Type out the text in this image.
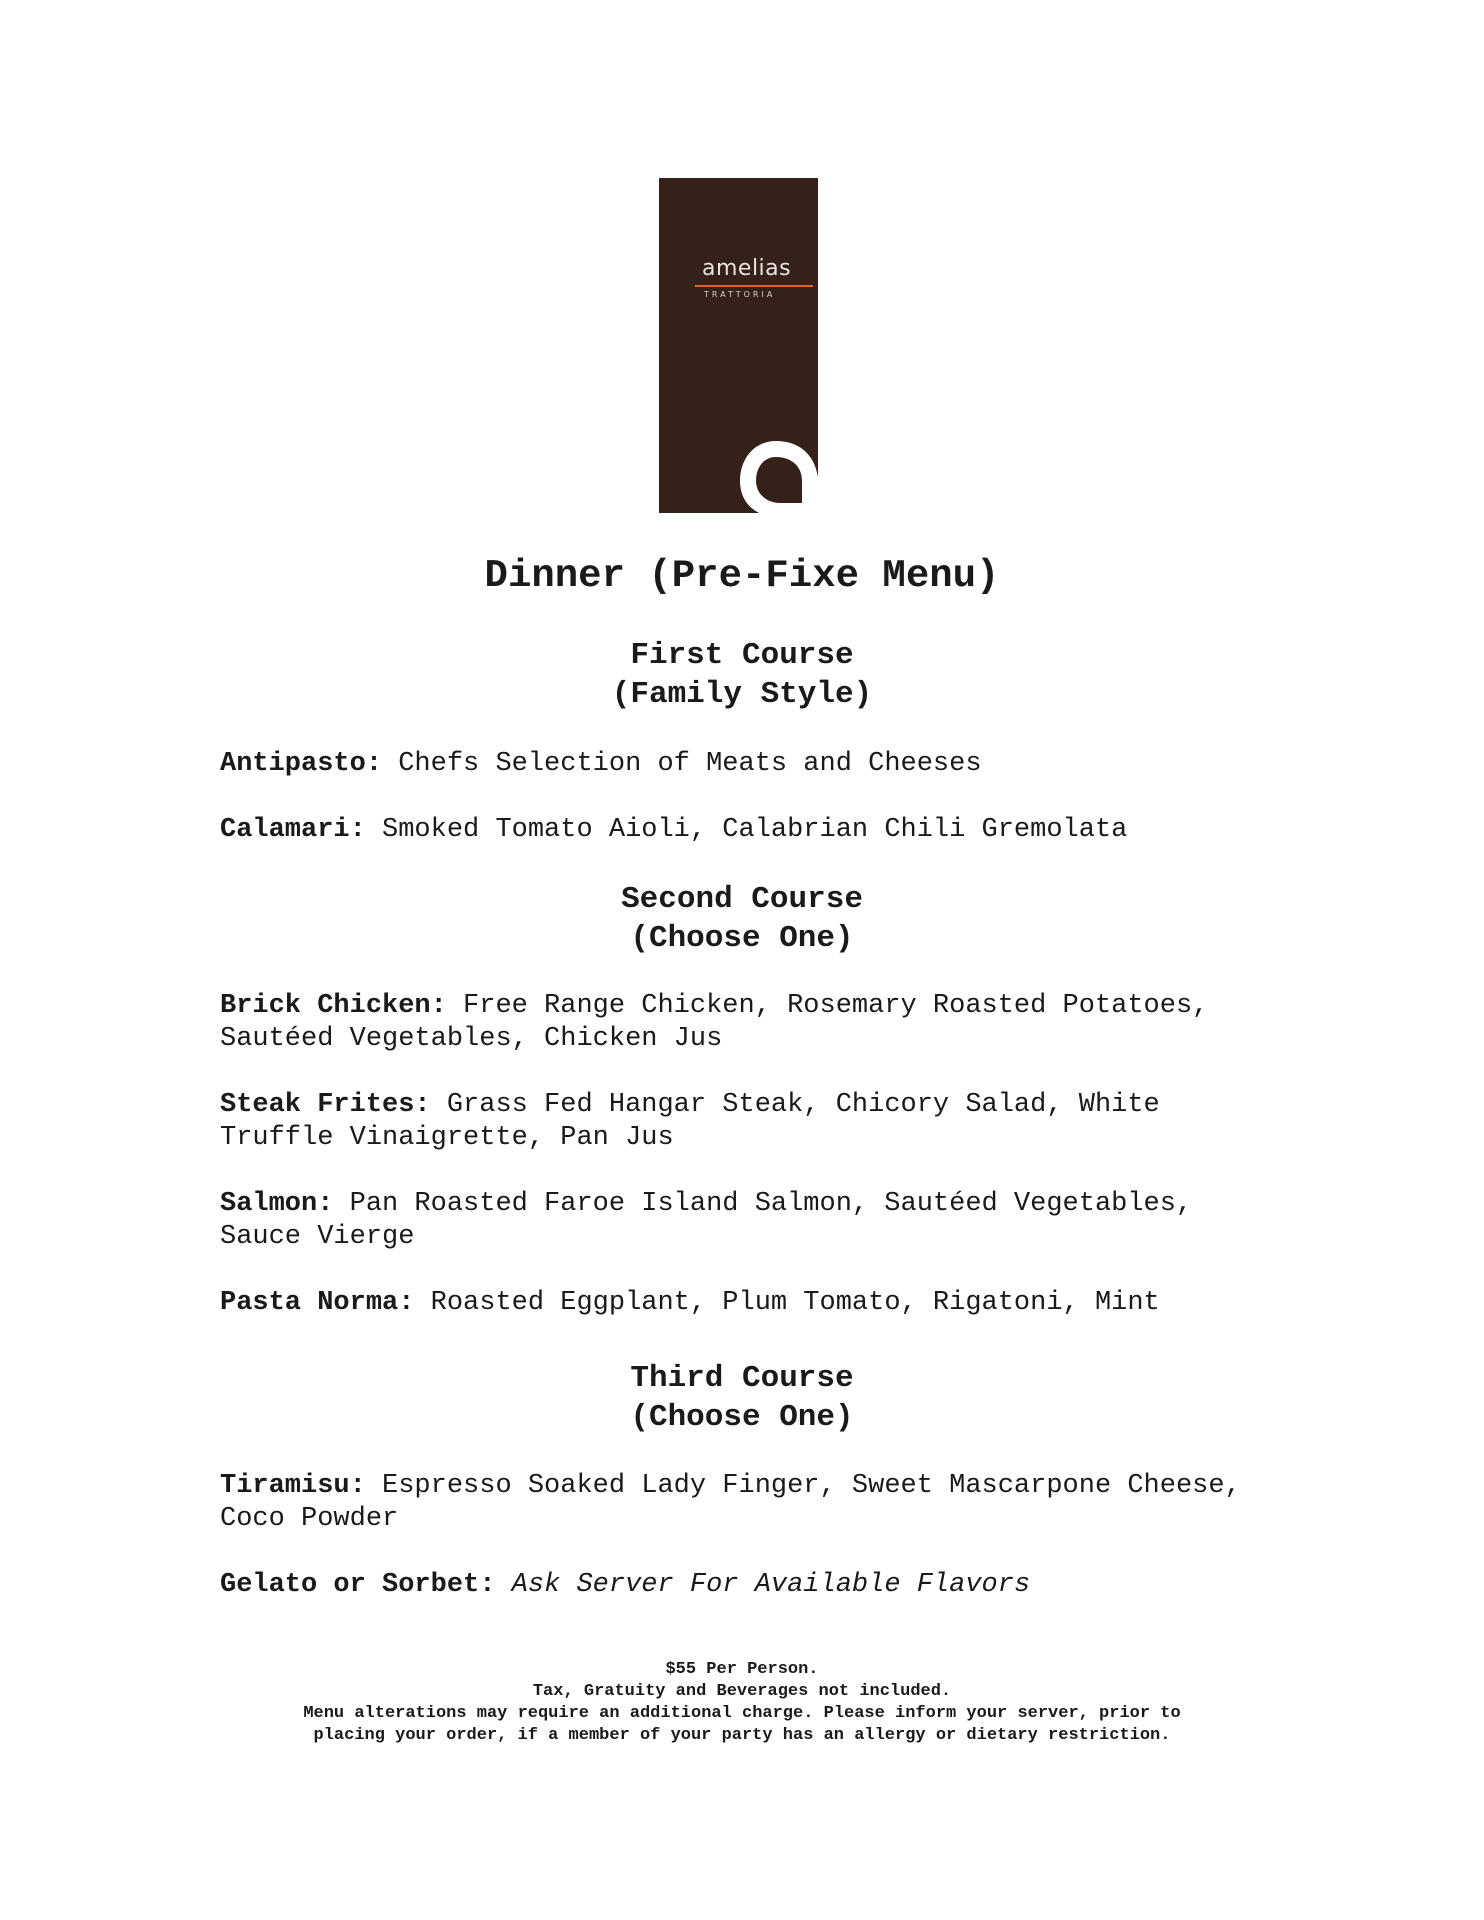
amelias
TRATTORIA
Dinner (Pre-Fixe Menu)
First Course
(Family Style)
Antipasto: Chefs Selection of Meats and Cheeses
Calamari: Smoked Tomato Aioli, Calabrian Chili Gremolata
Second Course
(Choose One)
Brick Chicken: Free Range Chicken, Rosemary Roasted Potatoes, Sautéed Vegetables, Chicken Jus
Steak Frites: Grass Fed Hangar Steak, Chicory Salad, White Truffle Vinaigrette, Pan Jus
Salmon: Pan Roasted Faroe Island Salmon, Sautéed Vegetables, Sauce Vierge
Pasta Norma: Roasted Eggplant, Plum Tomato, Rigatoni, Mint
Third Course
(Choose One)
Tiramisu: Espresso Soaked Lady Finger, Sweet Mascarpone Cheese, Coco Powder
Gelato or Sorbet: Ask Server For Available Flavors
$55 Per Person.
Tax, Gratuity and Beverages not included.
Menu alterations may require an additional charge. Please inform your server, prior to
placing your order, if a member of your party has an allergy or dietary restriction.
